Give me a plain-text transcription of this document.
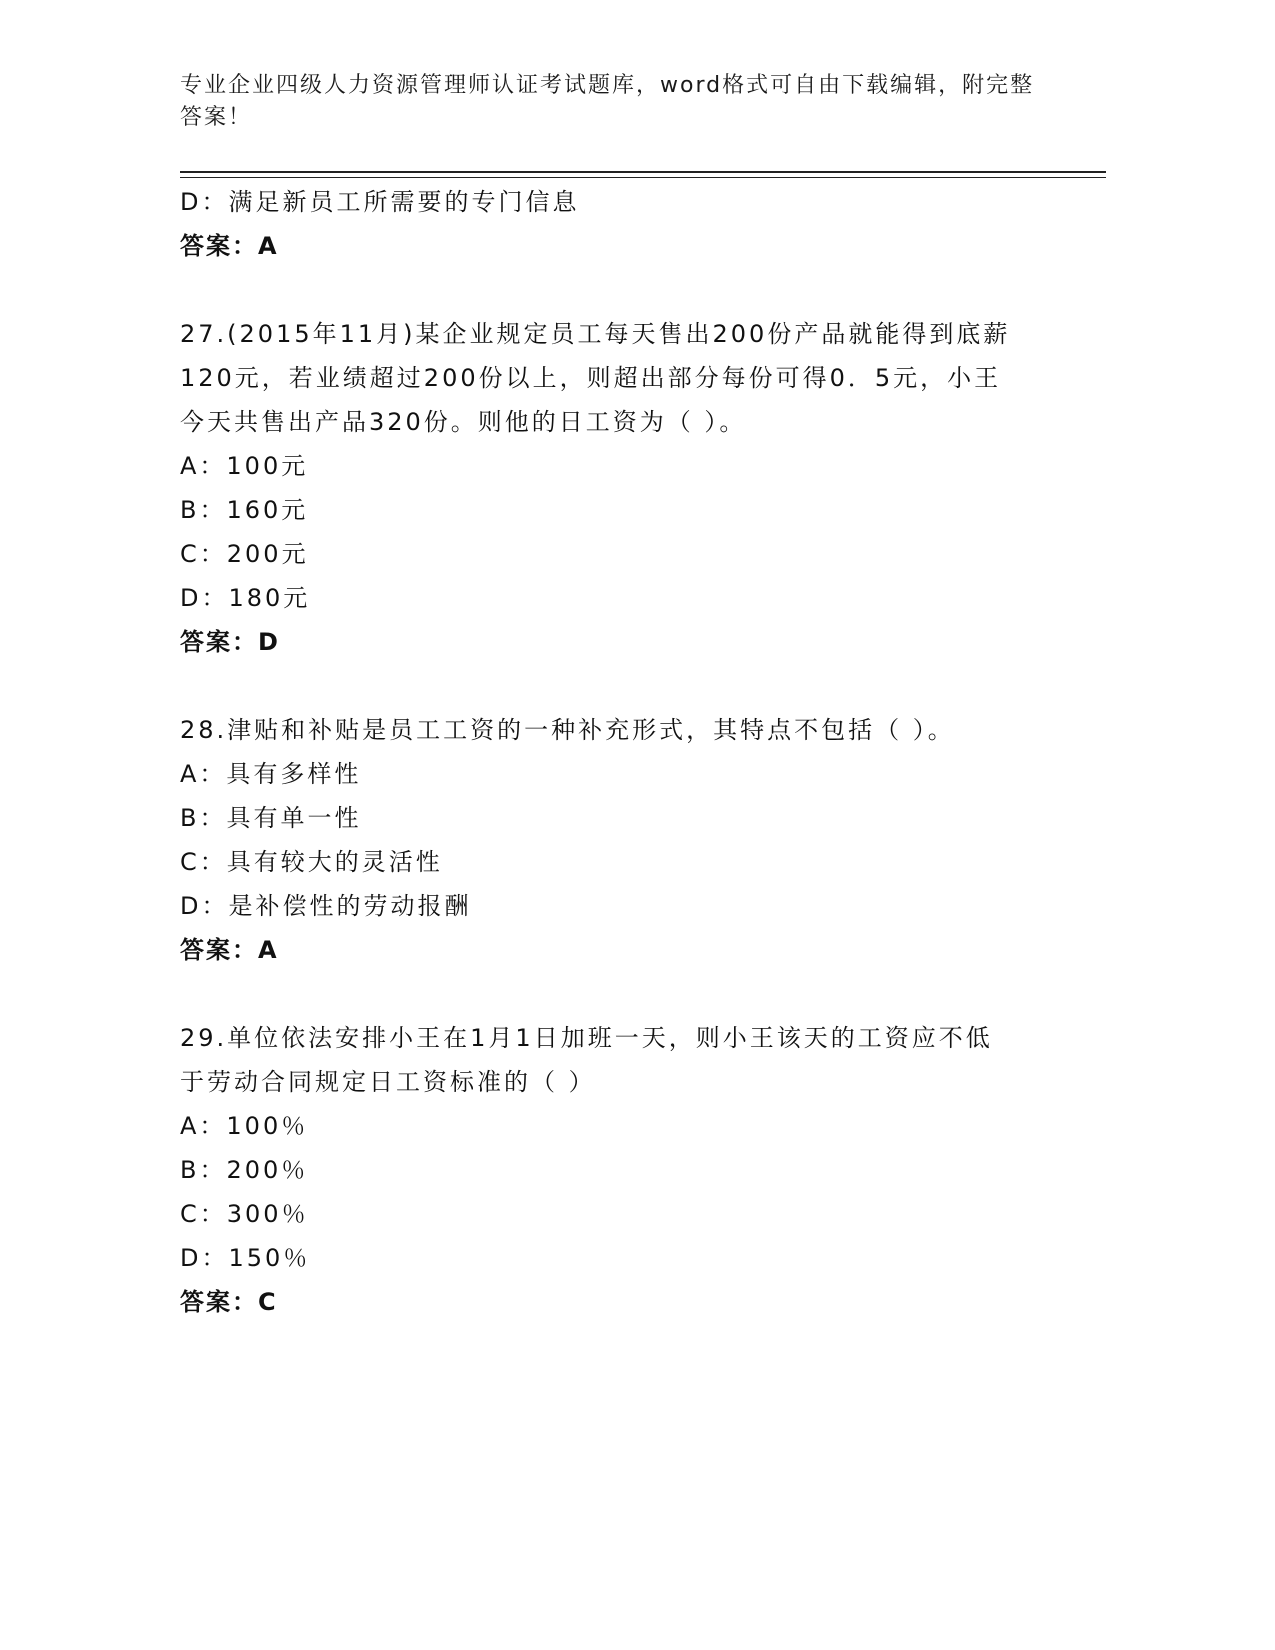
专业企业四级人力资源管理师认证考试题库，word格式可自由下载编辑，附完整
答案！
D：满足新员工所需要的专门信息
答案：A
27.(2015年11月)某企业规定员工每天售出200份产品就能得到底薪
120元，若业绩超过200份以上，则超出部分每份可得0．5元，小王
今天共售出产品320份。则他的日工资为（ ）。
A：100元
B：160元
C：200元
D：180元
答案：D
28.津贴和补贴是员工工资的一种补充形式，其特点不包括（ ）。
A：具有多样性
B：具有单一性
C：具有较大的灵活性
D：是补偿性的劳动报酬
答案：A
29.单位依法安排小王在1月1日加班一天，则小王该天的工资应不低
于劳动合同规定日工资标准的（ ）
A：100％
B：200％
C：300％
D：150％
答案：C
